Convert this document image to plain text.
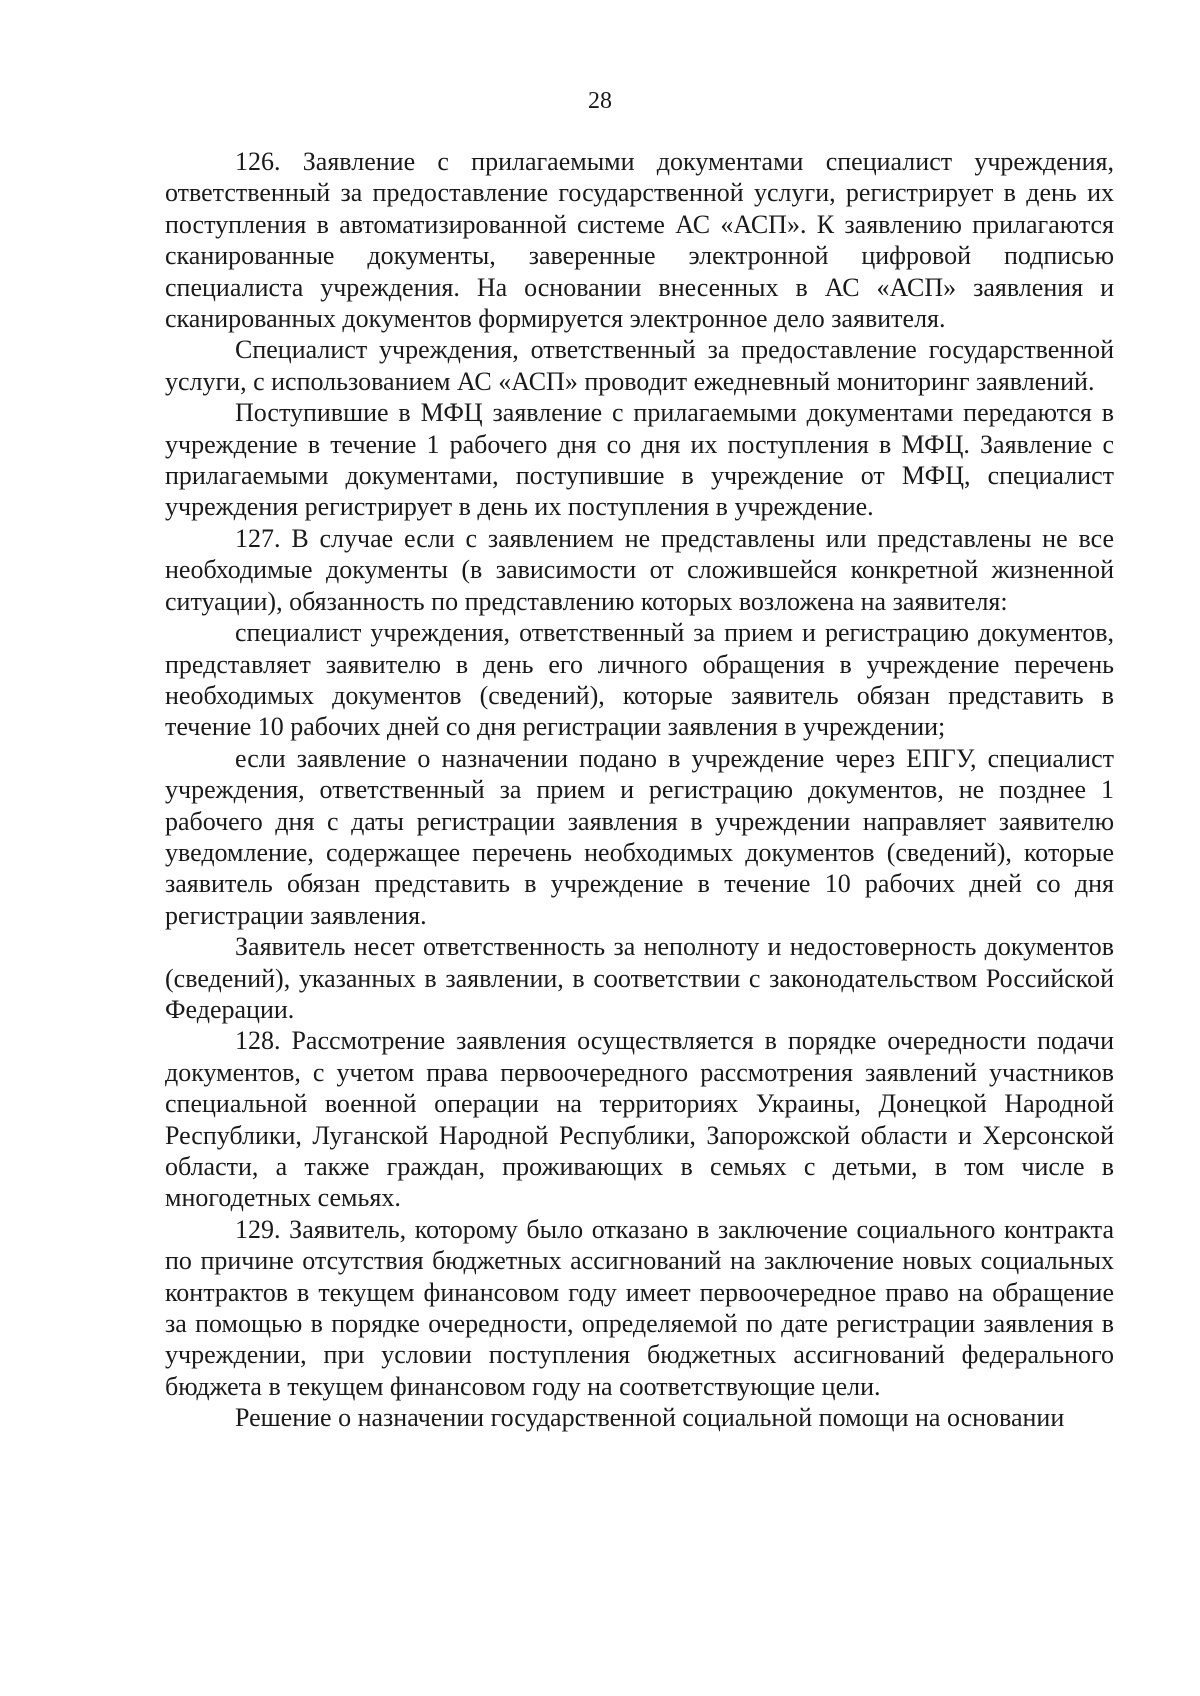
28

126. Заявление с прилагаемыми документами специалист учреждения, ответственный за предоставление государственной услуги, регистрирует в день их поступления в автоматизированной системе АС «АСП». К заявлению прилагаются сканированные документы, заверенные электронной цифровой подписью специалиста учреждения. На основании внесенных в АС «АСП» заявления и сканированных документов формируется электронное дело заявителя.

Специалист учреждения, ответственный за предоставление государственной услуги, с использованием АС «АСП» проводит ежедневный мониторинг заявлений.

Поступившие в МФЦ заявление с прилагаемыми документами передаются в учреждение в течение 1 рабочего дня со дня их поступления в МФЦ. Заявление с прилагаемыми документами, поступившие в учреждение от МФЦ, специалист учреждения регистрирует в день их поступления в учреждение.

127. В случае если с заявлением не представлены или представлены не все необходимые документы (в зависимости от сложившейся конкретной жизненной ситуации), обязанность по представлению которых возложена на заявителя:

специалист учреждения, ответственный за прием и регистрацию документов, представляет заявителю в день его личного обращения в учреждение перечень необходимых документов (сведений), которые заявитель обязан представить в течение 10 рабочих дней со дня регистрации заявления в учреждении;

если заявление о назначении подано в учреждение через ЕПГУ, специалист учреждения, ответственный за прием и регистрацию документов, не позднее 1 рабочего дня с даты регистрации заявления в учреждении направляет заявителю уведомление, содержащее перечень необходимых документов (сведений), которые заявитель обязан представить в учреждение в течение 10 рабочих дней со дня регистрации заявления.

Заявитель несет ответственность за неполноту и недостоверность документов (сведений), указанных в заявлении, в соответствии с законодательством Российской Федерации.

128. Рассмотрение заявления осуществляется в порядке очередности подачи документов, с учетом права первоочередного рассмотрения заявлений участников специальной военной операции на территориях Украины, Донецкой Народной Республики, Луганской Народной Республики, Запорожской области и Херсонской области, а также граждан, проживающих в семьях с детьми, в том числе в многодетных семьях.

129. Заявитель, которому было отказано в заключение социального контракта по причине отсутствия бюджетных ассигнований на заключение новых социальных контрактов в текущем финансовом году имеет первоочередное право на обращение за помощью в порядке очередности, определяемой по дате регистрации заявления в учреждении, при условии поступления бюджетных ассигнований федерального бюджета в текущем финансовом году на соответствующие цели.

Решение о назначении государственной социальной помощи на основании
